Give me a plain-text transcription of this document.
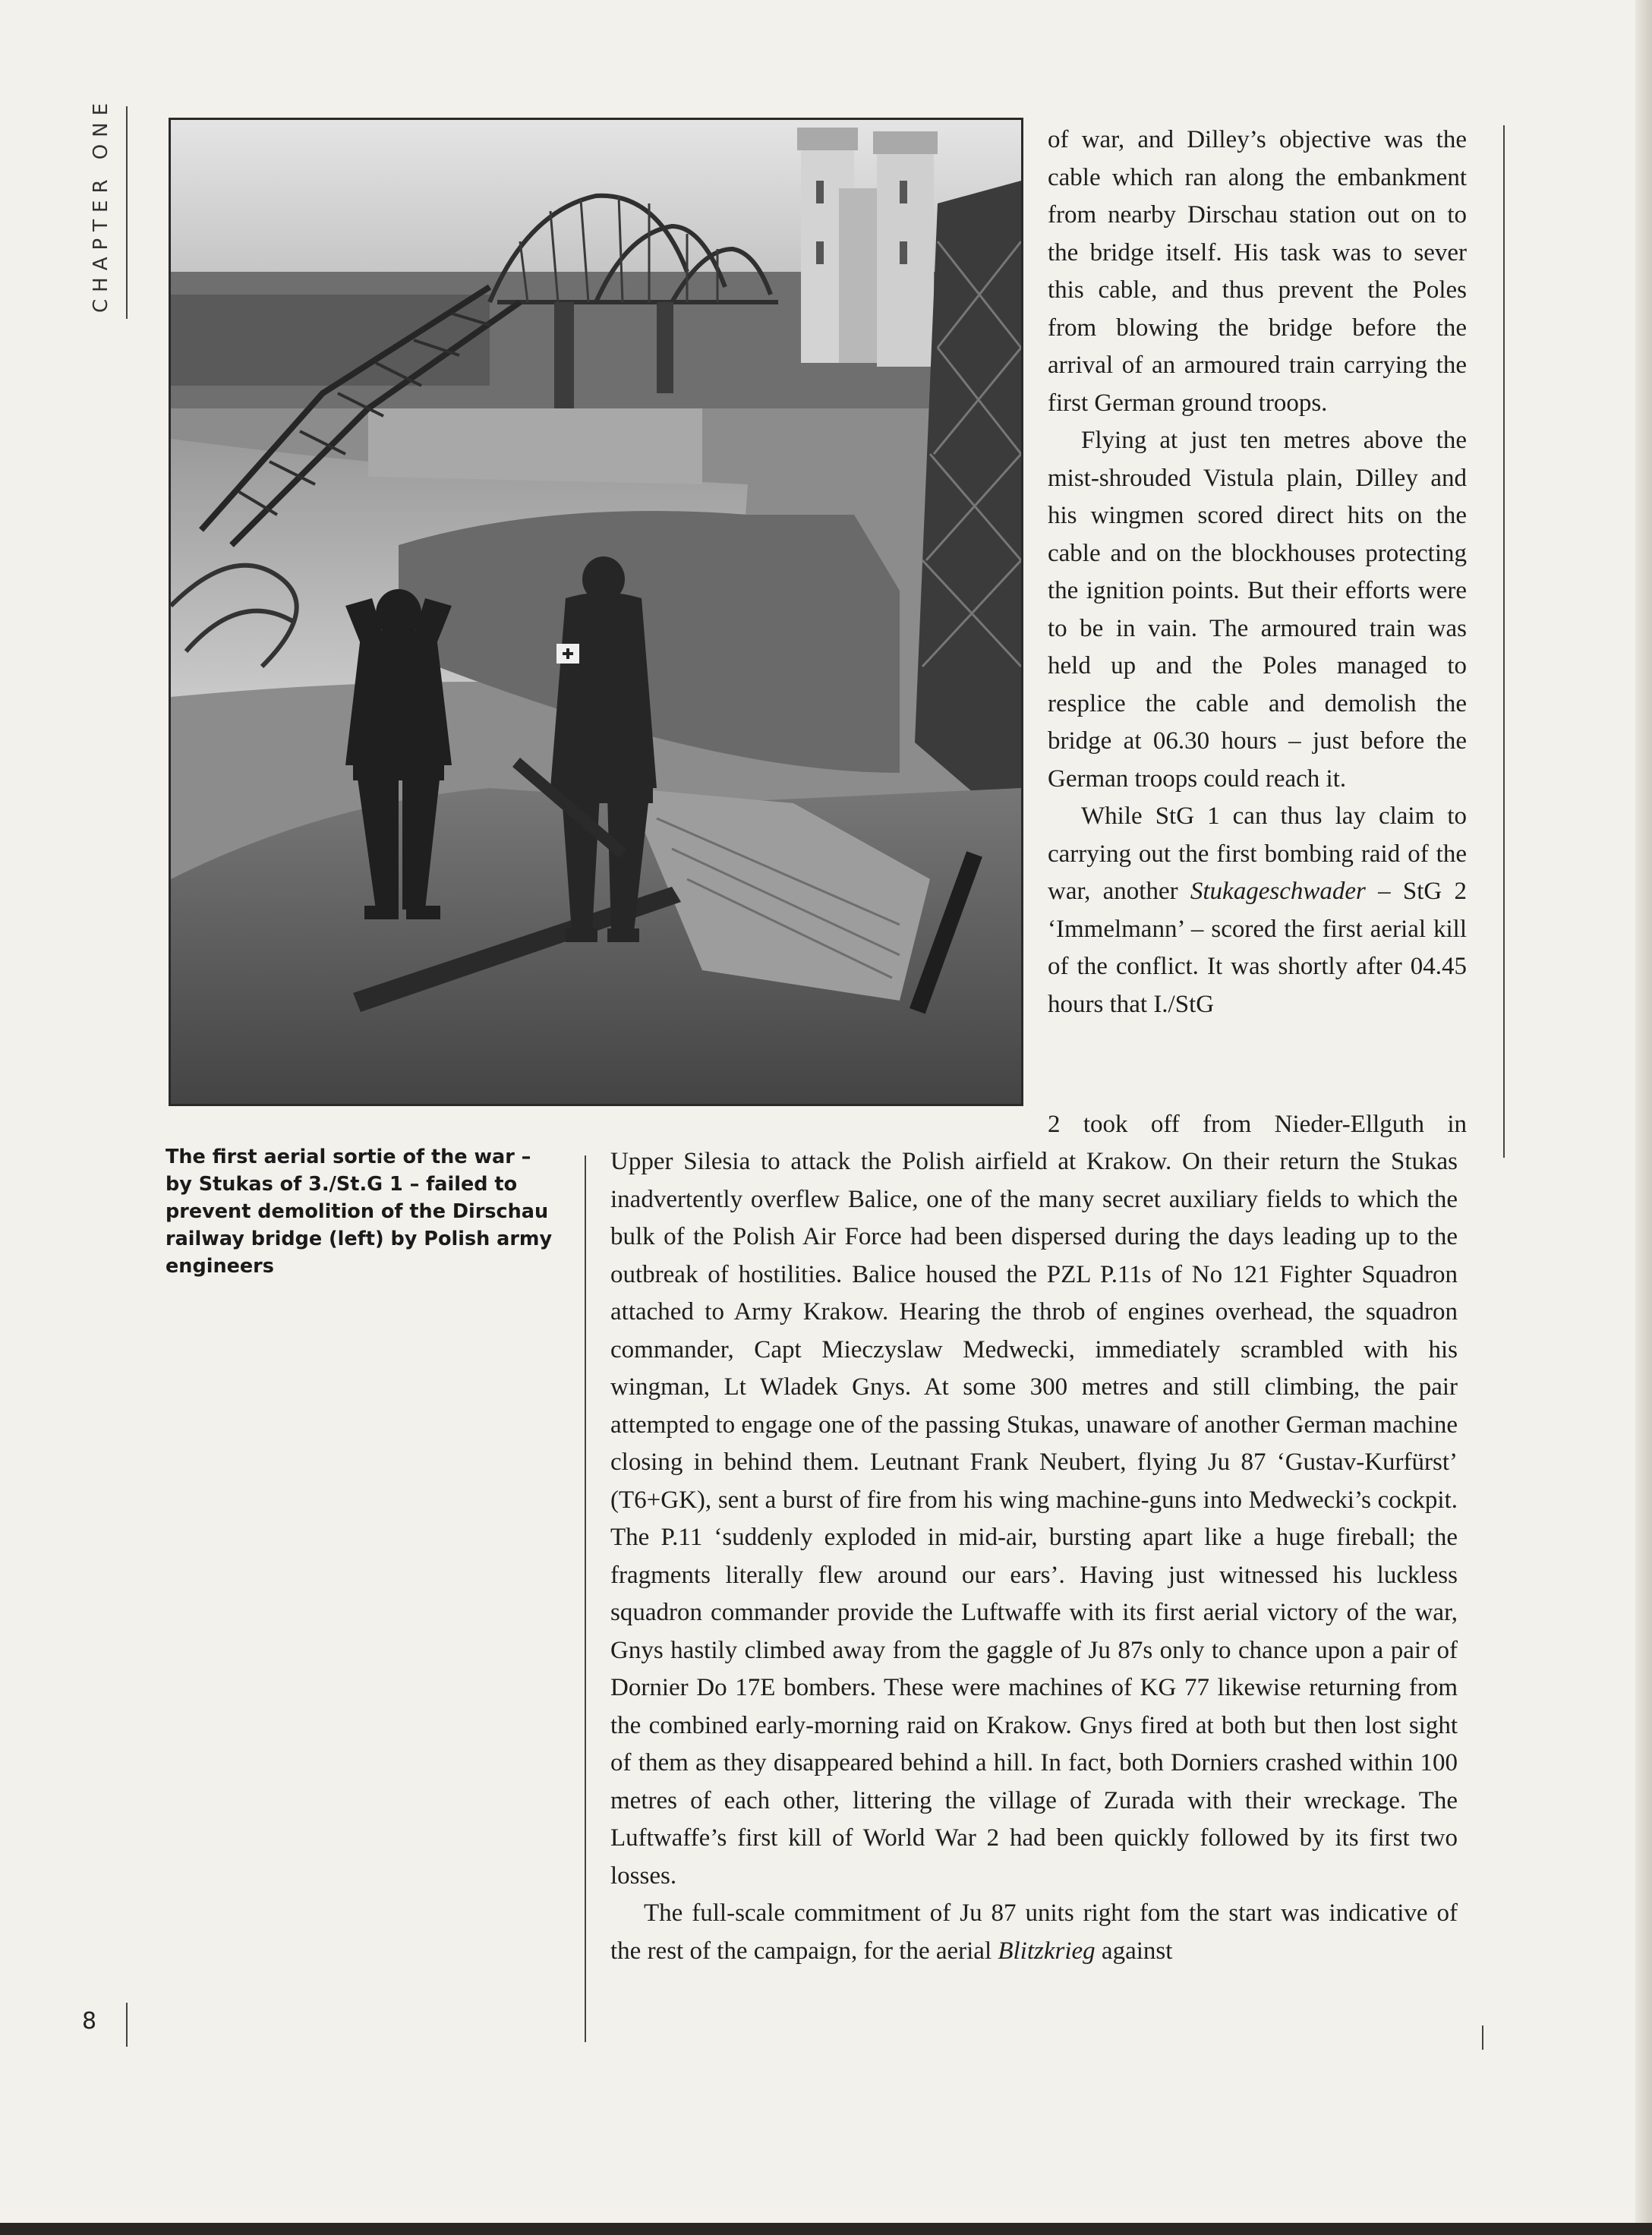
CHAPTER ONE
8
The first aerial sortie of the war – by Stukas of 3./St.G 1 – failed to prevent demolition of the Dirschau railway bridge (left) by Polish army engineers

of war, and Dilley’s objective was the cable which ran along the embankment from nearby Dirschau station out on to the bridge itself. His task was to sever this cable, and thus prevent the Poles from blowing the bridge before the arrival of an armoured train carrying the first German ground troops.

Flying at just ten metres above the mist-shrouded Vistula plain, Dilley and his wingmen scored direct hits on the cable and on the blockhouses protecting the ignition points. But their efforts were to be in vain. The armoured train was held up and the Poles managed to resplice the cable and demolish the bridge at 06.30 hours – just before the German troops could reach it.

While StG 1 can thus lay claim to carrying out the first bombing raid of the war, another Stukageschwader – StG 2 ‘Immelmann’ – scored the first aerial kill of the conflict. It was shortly after 04.45 hours that I./StG

2 took off from Nieder-Ellguth in

Upper Silesia to attack the Polish airfield at Krakow. On their return the Stukas inadvertently overflew Balice, one of the many secret auxiliary fields to which the bulk of the Polish Air Force had been dispersed during the days leading up to the outbreak of hostilities. Balice housed the PZL P.11s of No 121 Fighter Squadron attached to Army Krakow. Hearing the throb of engines overhead, the squadron commander, Capt Mieczyslaw Medwecki, immediately scrambled with his wingman, Lt Wladek Gnys. At some 300 metres and still climbing, the pair attempted to engage one of the passing Stukas, unaware of another German machine closing in behind them. Leutnant Frank Neubert, flying Ju 87 ‘Gustav-Kurfürst’ (T6+GK), sent a burst of fire from his wing machine-guns into Medwecki’s cockpit. The P.11 ‘suddenly exploded in mid-air, bursting apart like a huge fireball; the fragments literally flew around our ears’. Having just witnessed his luckless squadron commander provide the Luftwaffe with its first aerial victory of the war, Gnys hastily climbed away from the gaggle of Ju 87s only to chance upon a pair of Dornier Do 17E bombers. These were machines of KG 77 likewise returning from the combined early-morning raid on Krakow. Gnys fired at both but then lost sight of them as they disappeared behind a hill. In fact, both Dorniers crashed within 100 metres of each other, littering the village of Zurada with their wreckage. The Luftwaffe’s first kill of World War 2 had been quickly followed by its first two losses.

The full-scale commitment of Ju 87 units right fom the start was indicative of the rest of the campaign, for the aerial Blitzkrieg against
